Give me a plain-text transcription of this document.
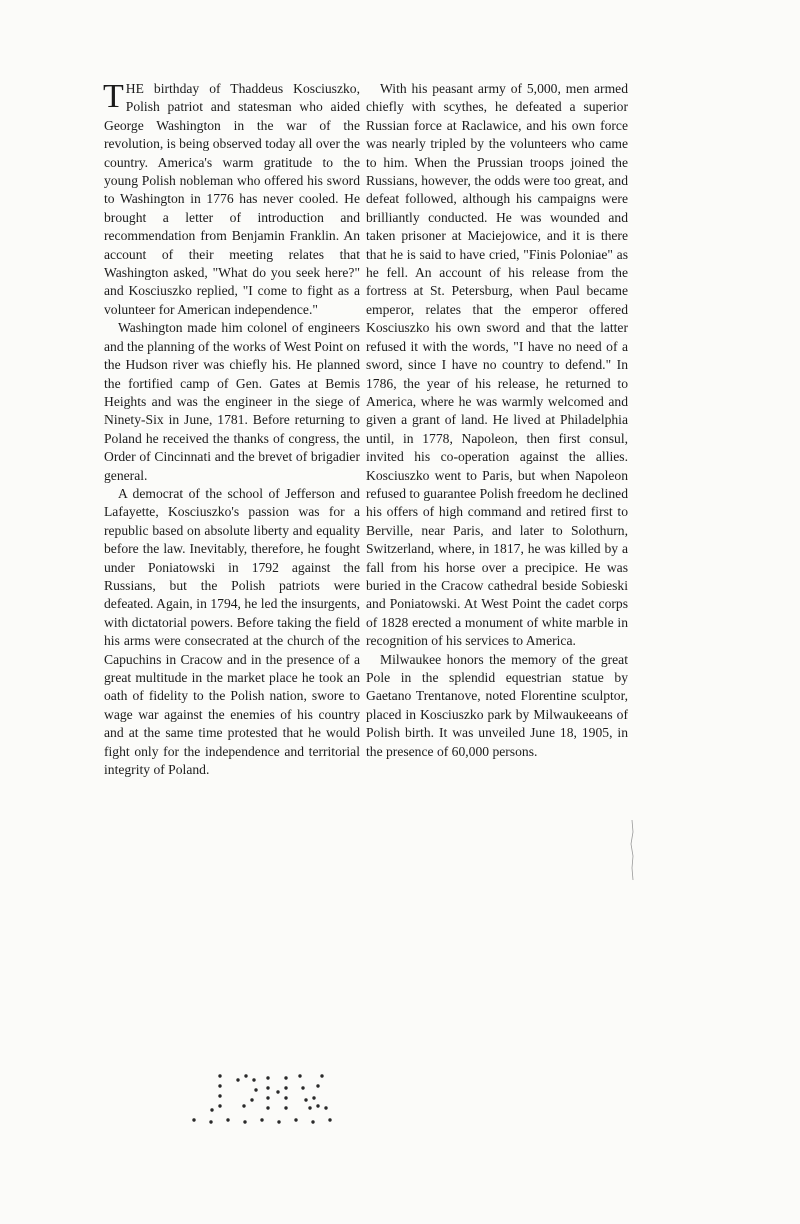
THE birthday of Thaddeus Kosciuszko, Polish patriot and statesman who aided George Washington in the war of the revolution, is being observed today all over the country. America's warm gratitude to the young Polish nobleman who offered his sword to Washington in 1776 has never cooled. He brought a letter of introduction and recommendation from Benjamin Franklin. An account of their meeting relates that Washington asked, "What do you seek here?" and Kosciuszko replied, "I come to fight as a volunteer for American independence."

Washington made him colonel of engineers and the planning of the works of West Point on the Hudson river was chiefly his. He planned the fortified camp of Gen. Gates at Bemis Heights and was the engineer in the siege of Ninety-Six in June, 1781. Before returning to Poland he received the thanks of congress, the Order of Cincinnati and the brevet of brigadier general.

A democrat of the school of Jefferson and Lafayette, Kosciuszko's passion was for a republic based on absolute liberty and equality before the law. Inevitably, therefore, he fought under Poniatowski in 1792 against the Russians, but the Polish patriots were defeated. Again, in 1794, he led the insurgents, with dictatorial powers. Before taking the field his arms were consecrated at the church of the Capuchins in Cracow and in the presence of a great multitude in the market place he took an oath of fidelity to the Polish nation, swore to wage war against the enemies of his country and at the same time protested that he would fight only for the independence and territorial integrity of Poland.

With his peasant army of 5,000, men armed chiefly with scythes, he defeated a superior Russian force at Raclawice, and his own force was nearly tripled by the volunteers who came to him. When the Prussian troops joined the Russians, however, the odds were too great, and defeat followed, although his campaigns were brilliantly conducted. He was wounded and taken prisoner at Maciejowice, and it is there that he is said to have cried, "Finis Poloniae" as he fell. An account of his release from the fortress at St. Petersburg, when Paul became emperor, relates that the emperor offered Kosciuszko his own sword and that the latter refused it with the words, "I have no need of a sword, since I have no country to defend." In 1786, the year of his release, he returned to America, where he was warmly welcomed and given a grant of land. He lived at Philadelphia until, in 1778, Napoleon, then first consul, invited his co-operation against the allies. Kosciuszko went to Paris, but when Napoleon refused to guarantee Polish freedom he declined his offers of high command and retired first to Berville, near Paris, and later to Solothurn, Switzerland, where, in 1817, he was killed by a fall from his horse over a precipice. He was buried in the Cracow cathedral beside Sobieski and Poniatowski. At West Point the cadet corps of 1828 erected a monument of white marble in recognition of his services to America.

Milwaukee honors the memory of the great Pole in the splendid equestrian statue by Gaetano Trentanove, noted Florentine sculptor, placed in Kosciuszko park by Milwaukeeans of Polish birth. It was unveiled June 18, 1905, in the presence of 60,000 persons.
